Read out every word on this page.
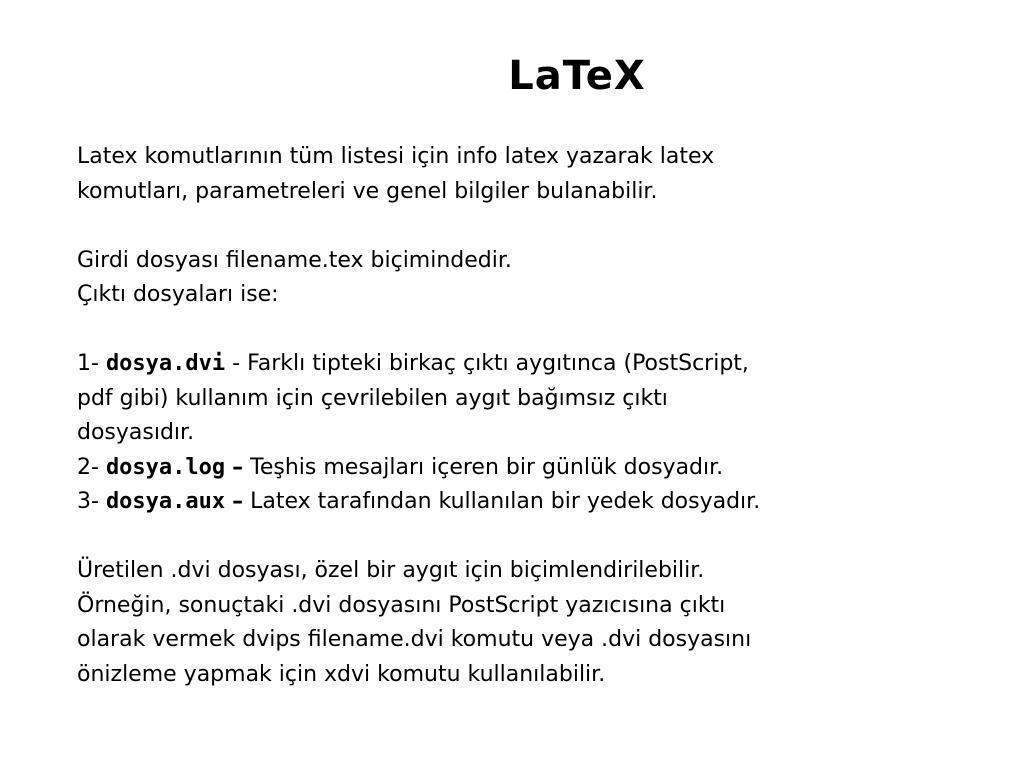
LaTeX
Latex komutlarının tüm listesi için info latex yazarak latex
komutları, parametreleri ve genel bilgiler bulanabilir.
Girdi dosyası filename.tex biçimindedir.
Çıktı dosyaları ise:
1- dosya.dvi - Farklı tipteki birkaç çıktı aygıtınca (PostScript,
pdf gibi) kullanım için çevrilebilen aygıt bağımsız çıktı
dosyasıdır.
2- dosya.log – Teşhis mesajları içeren bir günlük dosyadır.
3- dosya.aux – Latex tarafından kullanılan bir yedek dosyadır.
Üretilen .dvi dosyası, özel bir aygıt için biçimlendirilebilir.
Örneğin, sonuçtaki .dvi dosyasını PostScript yazıcısına çıktı
olarak vermek dvips filename.dvi komutu veya .dvi dosyasını
önizleme yapmak için xdvi komutu kullanılabilir.
